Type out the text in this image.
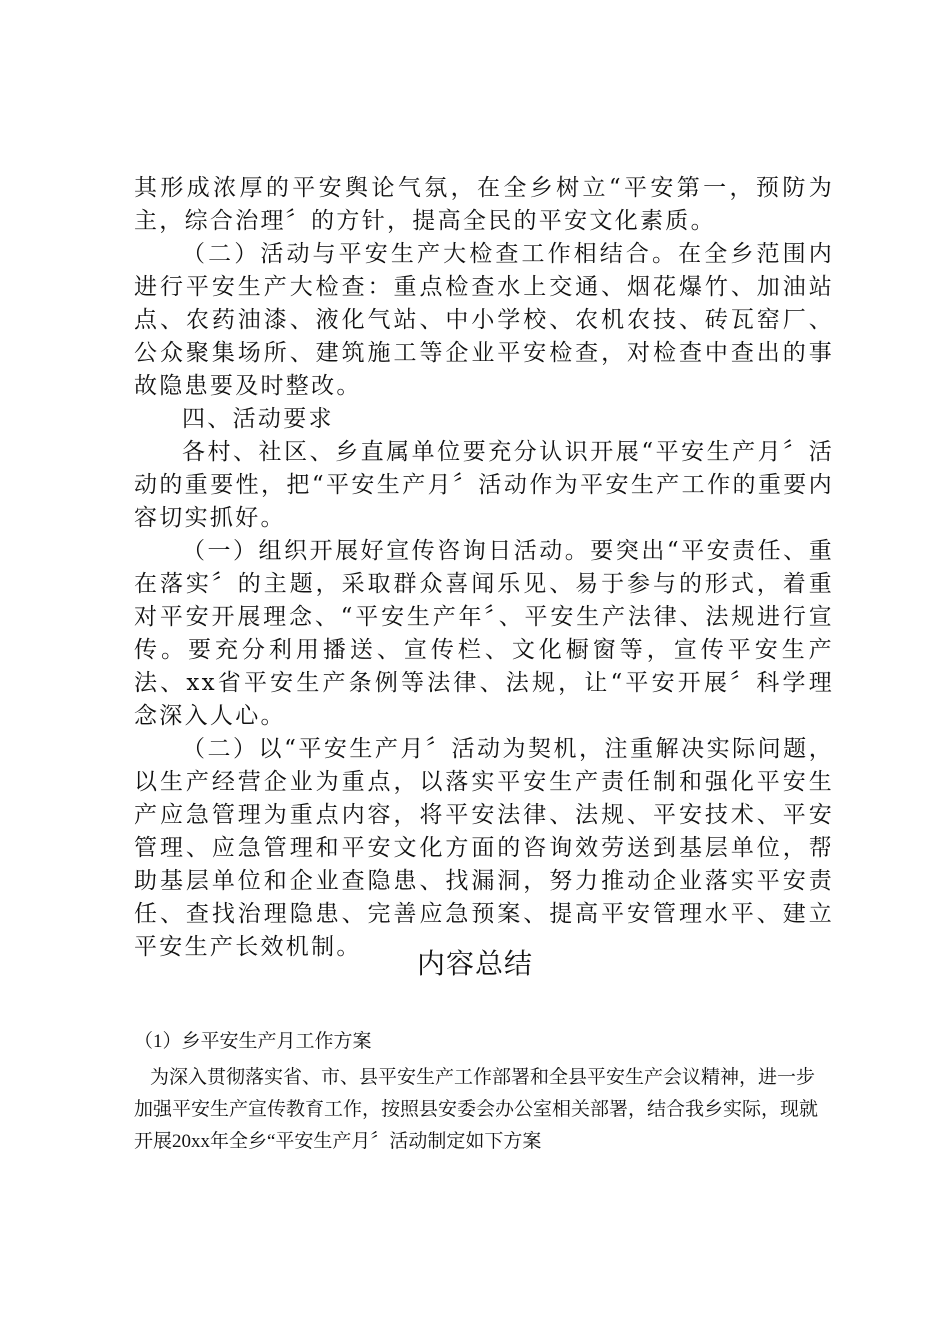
其形成浓厚的平安舆论气氛，在全乡树立“平安第一，预防为主，综合治理〞的方针，提高全民的平安文化素质。

（二）活动与平安生产大检查工作相结合。在全乡范围内进行平安生产大检查：重点检查水上交通、烟花爆竹、加油站点、农药油漆、液化气站、中小学校、农机农技、砖瓦窑厂、公众聚集场所、建筑施工等企业平安检查，对检查中查出的事故隐患要及时整改。

四、活动要求

各村、社区、乡直属单位要充分认识开展“平安生产月〞活动的重要性，把“平安生产月〞活动作为平安生产工作的重要内容切实抓好。

（一）组织开展好宣传咨询日活动。要突出“平安责任、重在落实〞的主题，采取群众喜闻乐见、易于参与的形式，着重对平安开展理念、“平安生产年〞、平安生产法律、法规进行宣传。要充分利用播送、宣传栏、文化橱窗等，宣传平安生产法、xx省平安生产条例等法律、法规，让“平安开展〞科学理念深入人心。

（二）以“平安生产月〞活动为契机，注重解决实际问题，以生产经营企业为重点，以落实平安生产责任制和强化平安生产应急管理为重点内容，将平安法律、法规、平安技术、平安管理、应急管理和平安文化方面的咨询效劳送到基层单位，帮助基层单位和企业查隐患、找漏洞，努力推动企业落实平安责任、查找治理隐患、完善应急预案、提高平安管理水平、建立平安生产长效机制。	内容总结

（1）乡平安生产月工作方案

为深入贯彻落实省、市、县平安生产工作部署和全县平安生产会议精神，进一步加强平安生产宣传教育工作，按照县安委会办公室相关部署，结合我乡实际，现就开展20xx年全乡“平安生产月〞活动制定如下方案
